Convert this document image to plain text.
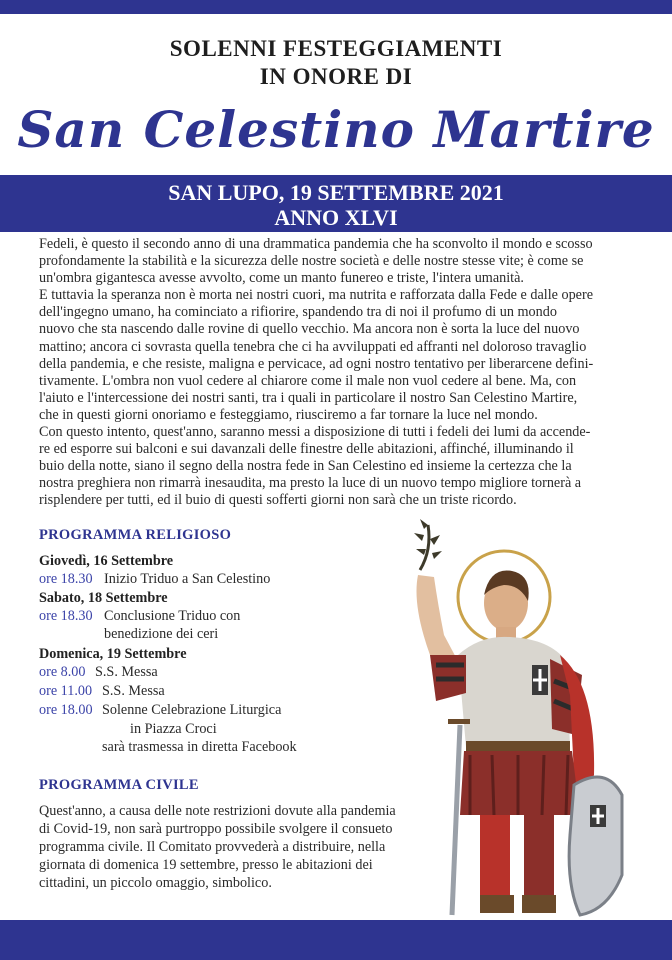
SOLENNI FESTEGGIAMENTI
IN ONORE DI
San Celestino Martire
SAN LUPO, 19 SETTEMBRE 2021
ANNO XLVI

Fedeli, è questo il secondo anno di una drammatica pandemia che ha sconvolto il mondo e scosso

profondamente la stabilità e la sicurezza delle nostre società e delle nostre stesse vite; è come se

un'ombra gigantesca avesse avvolto, come un manto funereo e triste, l'intera umanità.

E tuttavia la speranza non è morta nei nostri cuori, ma nutrita e rafforzata dalla Fede e dalle opere

dell'ingegno umano, ha cominciato a rifiorire, spandendo tra di noi il profumo di un mondo

nuovo che sta nascendo dalle rovine di quello vecchio. Ma ancora non è sorta la luce del nuovo

mattino; ancora ci sovrasta quella tenebra che ci ha avviluppati ed affranti nel doloroso travaglio

della pandemia, e che resiste, maligna e pervicace, ad ogni nostro tentativo per liberarcene defini-

tivamente. L'ombra non vuol cedere al chiarore come il male non vuol cedere al bene. Ma, con

l'aiuto e l'intercessione dei nostri santi, tra i quali in particolare il nostro San Celestino Martire,

che in questi giorni onoriamo e festeggiamo, riusciremo a far tornare la luce nel mondo.

Con questo intento, quest'anno, saranno messi a disposizione di tutti i fedeli dei lumi da accende-

re ed esporre sui balconi e sui davanzali delle finestre delle abitazioni, affinché, illuminando il

buio della notte, siano il segno della nostra fede in San Celestino ed insieme la certezza che la

nostra preghiera non rimarrà inesaudita, ma presto la luce di un nuovo tempo migliore tornerà a

risplendere per tutti, ed il buio di questi sofferti giorni non sarà che un triste ricordo.

PROGRAMMA RELIGIOSO
Giovedì, 16 Settembre
ore 18.30 Inizio Triduo a San Celestino
Sabato, 18 Settembre
ore 18.30 Conclusione Triduo con
benedizione dei ceri
Domenica, 19 Settembre
ore 8.00 S.S. Messa
ore 11.00 S.S. Messa
ore 18.00 Solenne Celebrazione Liturgica
in Piazza Croci
sarà trasmessa in diretta Facebook
PROGRAMMA CIVILE

Quest'anno, a causa delle note restrizioni dovute alla pandemia

di Covid-19, non sarà purtroppo possibile svolgere il consueto

programma civile. Il Comitato provvederà a distribuire, nella

giornata di domenica 19 settembre, presso le abitazioni dei

cittadini, un piccolo omaggio, simbolico.
